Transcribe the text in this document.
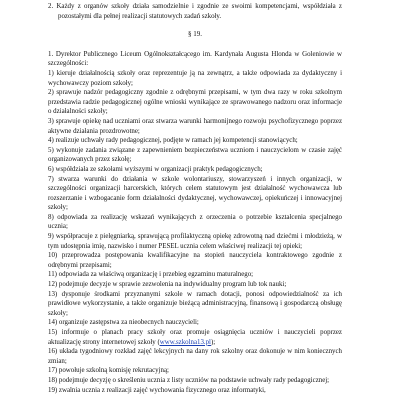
2. Każdy z organów szkoły działa samodzielnie i zgodnie ze swoimi kompetencjami, współdziała z pozostałymi dla pełnej realizacji statutowych zadań szkoły.

§ 19.

1. Dyrektor Publicznego Liceum Ogólnokształcącego im. Kardynała Augusta Hlonda w Goleniowie w szczególności:

1) kieruje działalnością szkoły oraz reprezentuje ją na zewnątrz, a także odpowiada za dydaktyczny i wychowawczy poziom szkoły;

2) sprawuje nadzór pedagogiczny zgodnie z odrębnymi przepisami, w tym dwa razy w roku szkolnym przedstawia radzie pedagogicznej ogólne wnioski wynikające ze sprawowanego nadzoru oraz informacje o działalności szkoły;

3) sprawuje opiekę nad uczniami oraz stwarza warunki harmonijnego rozwoju psychofizycznego poprzez aktywne działania prozdrowotne;

4) realizuje uchwały rady pedagogicznej, podjęte w ramach jej kompetencji stanowiących;

5) wykonuje zadania związane z zapewnieniem bezpieczeństwa uczniom i nauczycielom w czasie zajęć organizowanych przez szkołę;

6) współdziała ze szkołami wyższymi w organizacji praktyk pedagogicznych;

7) stwarza warunki do działania w szkole wolontariuszy, stowarzyszeń i innych organizacji, w szczególności organizacji harcerskich, których celem statutowym jest działalność wychowawcza lub rozszerzanie i wzbogacanie form działalności dydaktycznej, wychowawczej, opiekuńczej i innowacyjnej szkoły;

8) odpowiada za realizację wskazań wynikających z orzeczenia o potrzebie kształcenia specjalnego ucznia;

9) współpracuje z pielęgniarką, sprawującą profilaktyczną opiekę zdrowotną nad dziećmi i młodzieżą, w tym udostępnia imię, nazwisko i numer PESEL ucznia celem właściwej realizacji tej opieki;

10) przeprowadza postępowania kwalifikacyjne na stopień nauczyciela kontraktowego zgodnie z odrębnymi przepisami;

11) odpowiada za właściwą organizację i przebieg egzaminu maturalnego;

12) podejmuje decyzje w sprawie zezwolenia na indywidualny program lub tok nauki;

13) dysponuje środkami przyznanymi szkole w ramach dotacji, ponosi odpowiedzialność za ich prawidłowe wykorzystanie, a także organizuje bieżącą administracyjną, finansową i gospodarczą obsługę szkoły;

14) organizuje zastępstwa za nieobecnych nauczycieli;

15) informuje o planach pracy szkoły oraz promuje osiągnięcia uczniów i nauczycieli poprzez aktualizację strony internetowej szkoły (www.szkolna13.pl);

16) układa tygodniowy rozkład zajęć lekcyjnych na dany rok szkolny oraz dokonuje w nim koniecznych zmian;

17) powołuje szkolną komisję rekrutacyjną;

18) podejmuje decyzję o skreśleniu ucznia z listy uczniów na podstawie uchwały rady pedagogicznej;

19) zwalnia ucznia z realizacji zajęć wychowania fizycznego oraz informatyki,
